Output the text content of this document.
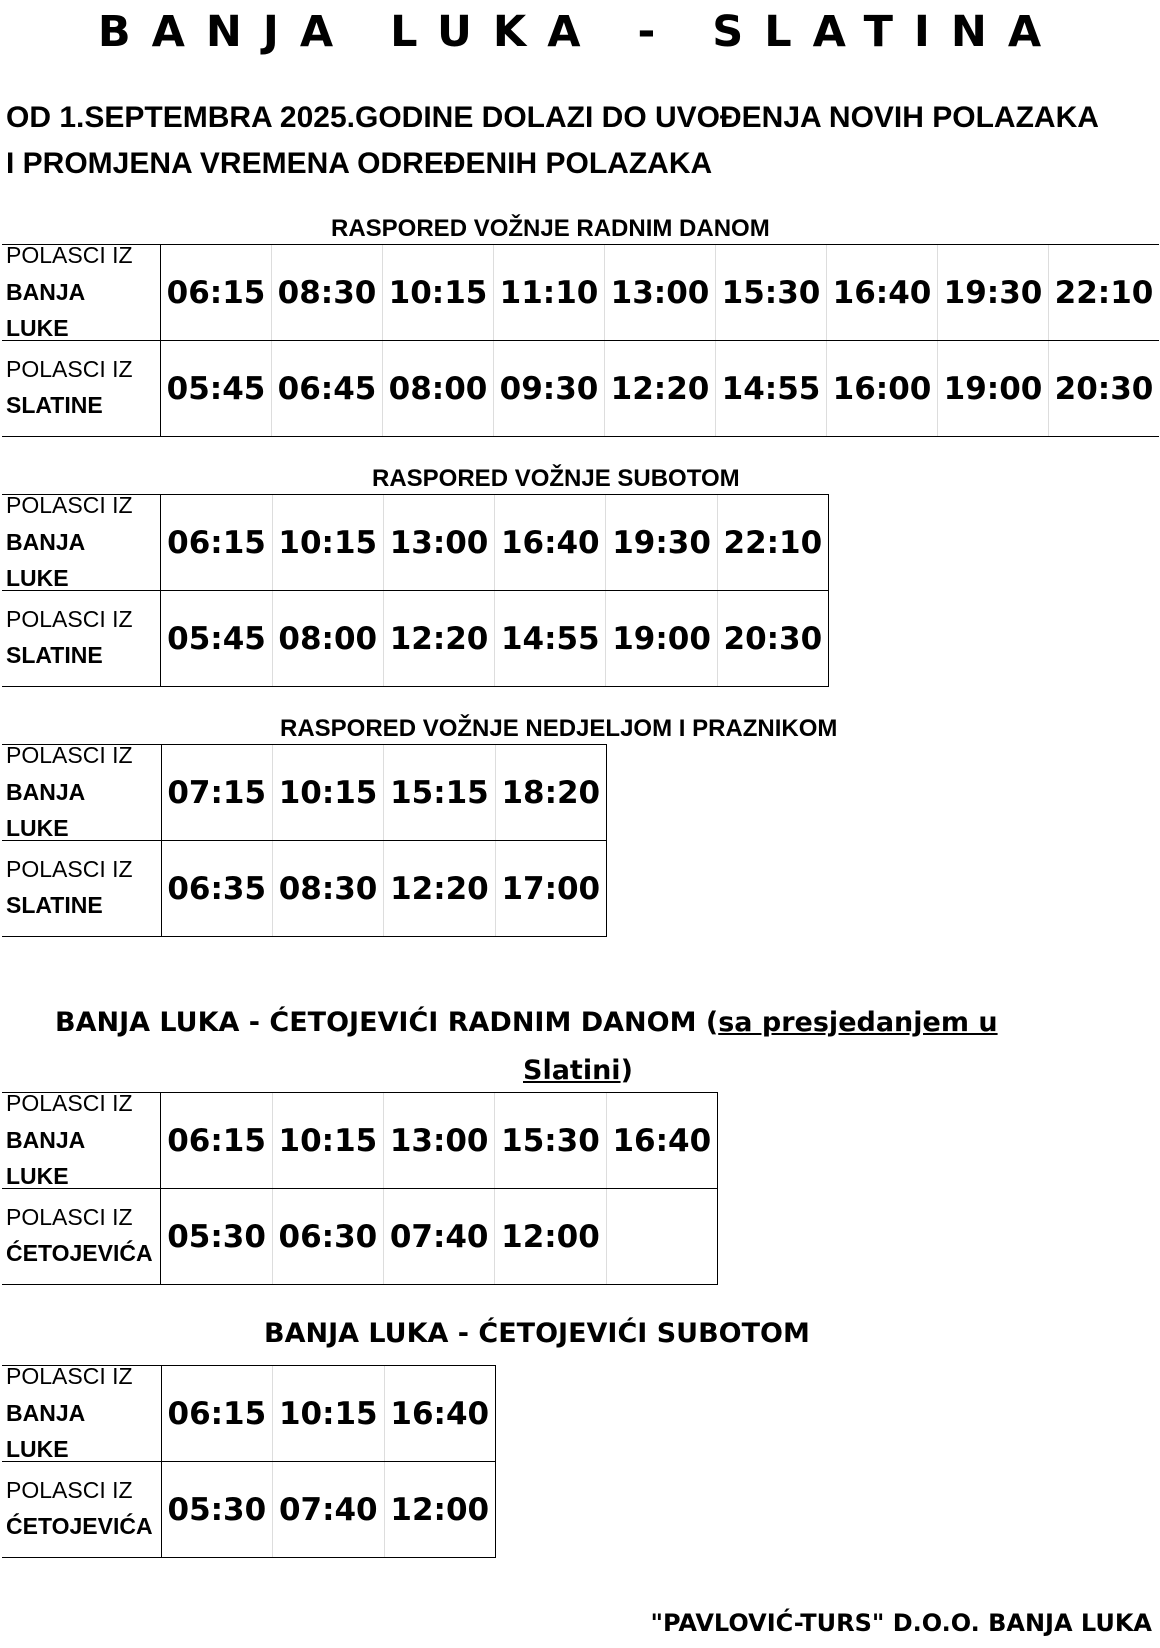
BANJA LUKA - SLATINA
OD 1.SEPTEMBRA 2025.GODINE DOLAZI DO UVOĐENJA NOVIH POLAZAKA
I PROMJENA VREMENA ODREĐENIH POLAZAKA
RASPORED VOŽNJE RADNIM DANOM
POLASCI IZ
BANJA
LUKE	06:15	08:30	10:15	11:10	13:00	15:30	16:40	19:30	22:10

POLASCI IZ
SLATINE	05:45	06:45	08:00	09:30	12:20	14:55	16:00	19:00	20:30
RASPORED VOŽNJE SUBOTOM
POLASCI IZ
BANJA
LUKE	06:15	10:15	13:00	16:40	19:30	22:10

POLASCI IZ
SLATINE	05:45	08:00	12:20	14:55	19:00	20:30
RASPORED VOŽNJE NEDJELJOM I PRAZNIKOM
POLASCI IZ
BANJA
LUKE	07:15	10:15	15:15	18:20

POLASCI IZ
SLATINE	06:35	08:30	12:20	17:00
BANJA LUKA - ĆETOJEVIĆI RADNIM DANOM (sa presjedanjem u
Slatini)
POLASCI IZ
BANJA
LUKE	06:15	10:15	13:00	15:30	16:40

POLASCI IZ
ĆETOJEVIĆA	05:30	06:30	07:40	12:00	
BANJA LUKA - ĆETOJEVIĆI SUBOTOM
POLASCI IZ
BANJA
LUKE	06:15	10:15	16:40

POLASCI IZ
ĆETOJEVIĆA	05:30	07:40	12:00
"PAVLOVIĆ-TURS" D.O.O. BANJA LUKA
